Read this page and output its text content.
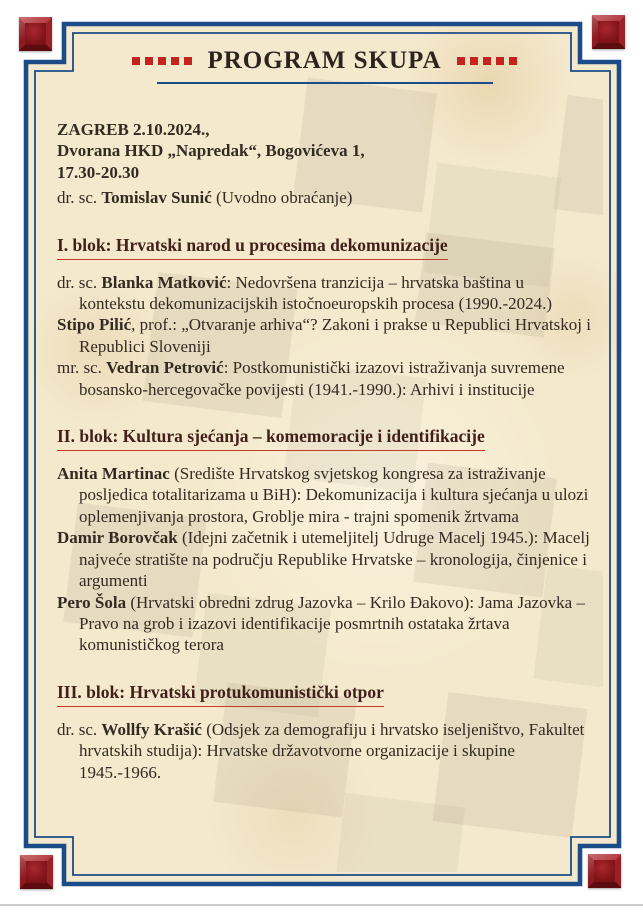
PROGRAM SKUPA
ZAGREB 2.10.2024.,
Dvorana HKD „Napredak“, Bogovićeva 1,
17.30-20.30
dr. sc. Tomislav Sunić (Uvodno obraćanje)
I. blok: Hrvatski narod u procesima dekomunizacije

dr. sc. Blanka Matković: Nedovršena tranzicija – hrvatska baština u kontekstu dekomunizacijskih istočnoeuropskih procesa (1990.-2024.)

Stipo Pilić, prof.: „Otvaranje arhiva“? Zakoni i prakse u Republici Hrvatskoj i Republici Sloveniji

mr. sc. Vedran Petrović: Postkomunistički izazovi istraživanja suvremene bosansko-hercegovačke povijesti (1941.-1990.): Arhivi i institucije

II. blok: Kultura sjećanja – komemoracije i identifikacije

Anita Martinac (Središte Hrvatskog svjetskog kongresa za istraživanje posljedica totalitarizama u BiH): Dekomunizacija i kultura sjećanja u ulozi oplemenjivanja prostora, Groblje mira - trajni spomenik žrtvama

Damir Borovčak (Idejni začetnik i utemeljitelj Udruge Macelj 1945.): Macelj najveće stratište na području Republike Hrvatske – kronologija, činjenice i argumenti

Pero Šola (Hrvatski obredni zdrug Jazovka – Krilo Đakovo): Jama Jazovka – Pravo na grob i izazovi identifikacije posmrtnih ostataka žrtava komunističkog terora

III. blok: Hrvatski protukomunistički otpor

dr. sc. Wollfy Krašić (Odsjek za demografiju i hrvatsko iseljeništvo, Fakultet hrvatskih studija): Hrvatske državotvorne organizacije i skupine 1945.-1966.
